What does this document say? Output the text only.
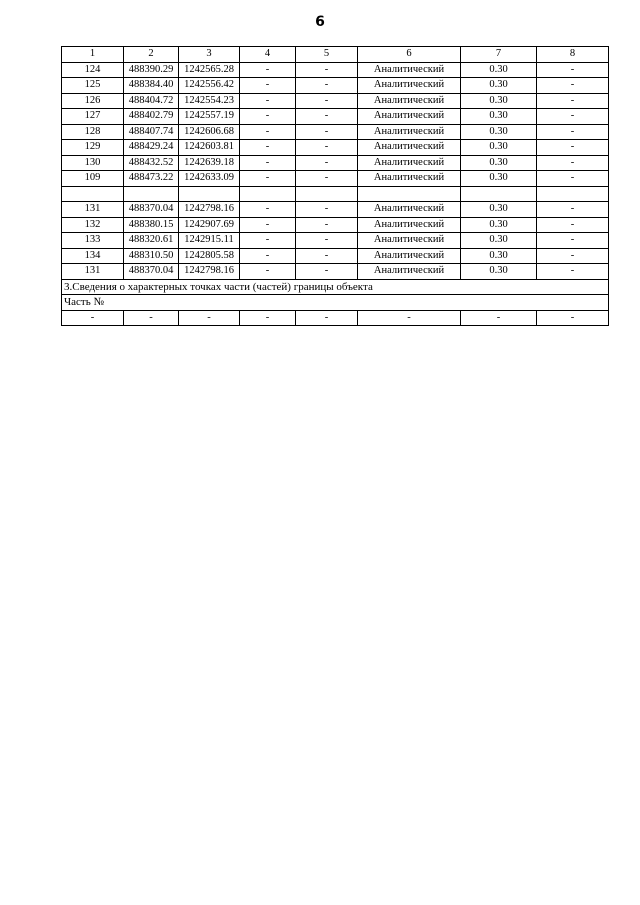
6
1	2	3	4	5	6	7	8
124	488390.29	1242565.28	-	-	Аналитический	0.30	-
125	488384.40	1242556.42	-	-	Аналитический	0.30	-
126	488404.72	1242554.23	-	-	Аналитический	0.30	-
127	488402.79	1242557.19	-	-	Аналитический	0.30	-
128	488407.74	1242606.68	-	-	Аналитический	0.30	-
129	488429.24	1242603.81	-	-	Аналитический	0.30	-
130	488432.52	1242639.18	-	-	Аналитический	0.30	-
109	488473.22	1242633.09	-	-	Аналитический	0.30	-

131	488370.04	1242798.16	-	-	Аналитический	0.30	-
132	488380.15	1242907.69	-	-	Аналитический	0.30	-
133	488320.61	1242915.11	-	-	Аналитический	0.30	-
134	488310.50	1242805.58	-	-	Аналитический	0.30	-
131	488370.04	1242798.16	-	-	Аналитический	0.30	-
3.Сведения о характерных точках части (частей) границы объекта							
Часть №							
-	-	-	-	-	-	-	-
